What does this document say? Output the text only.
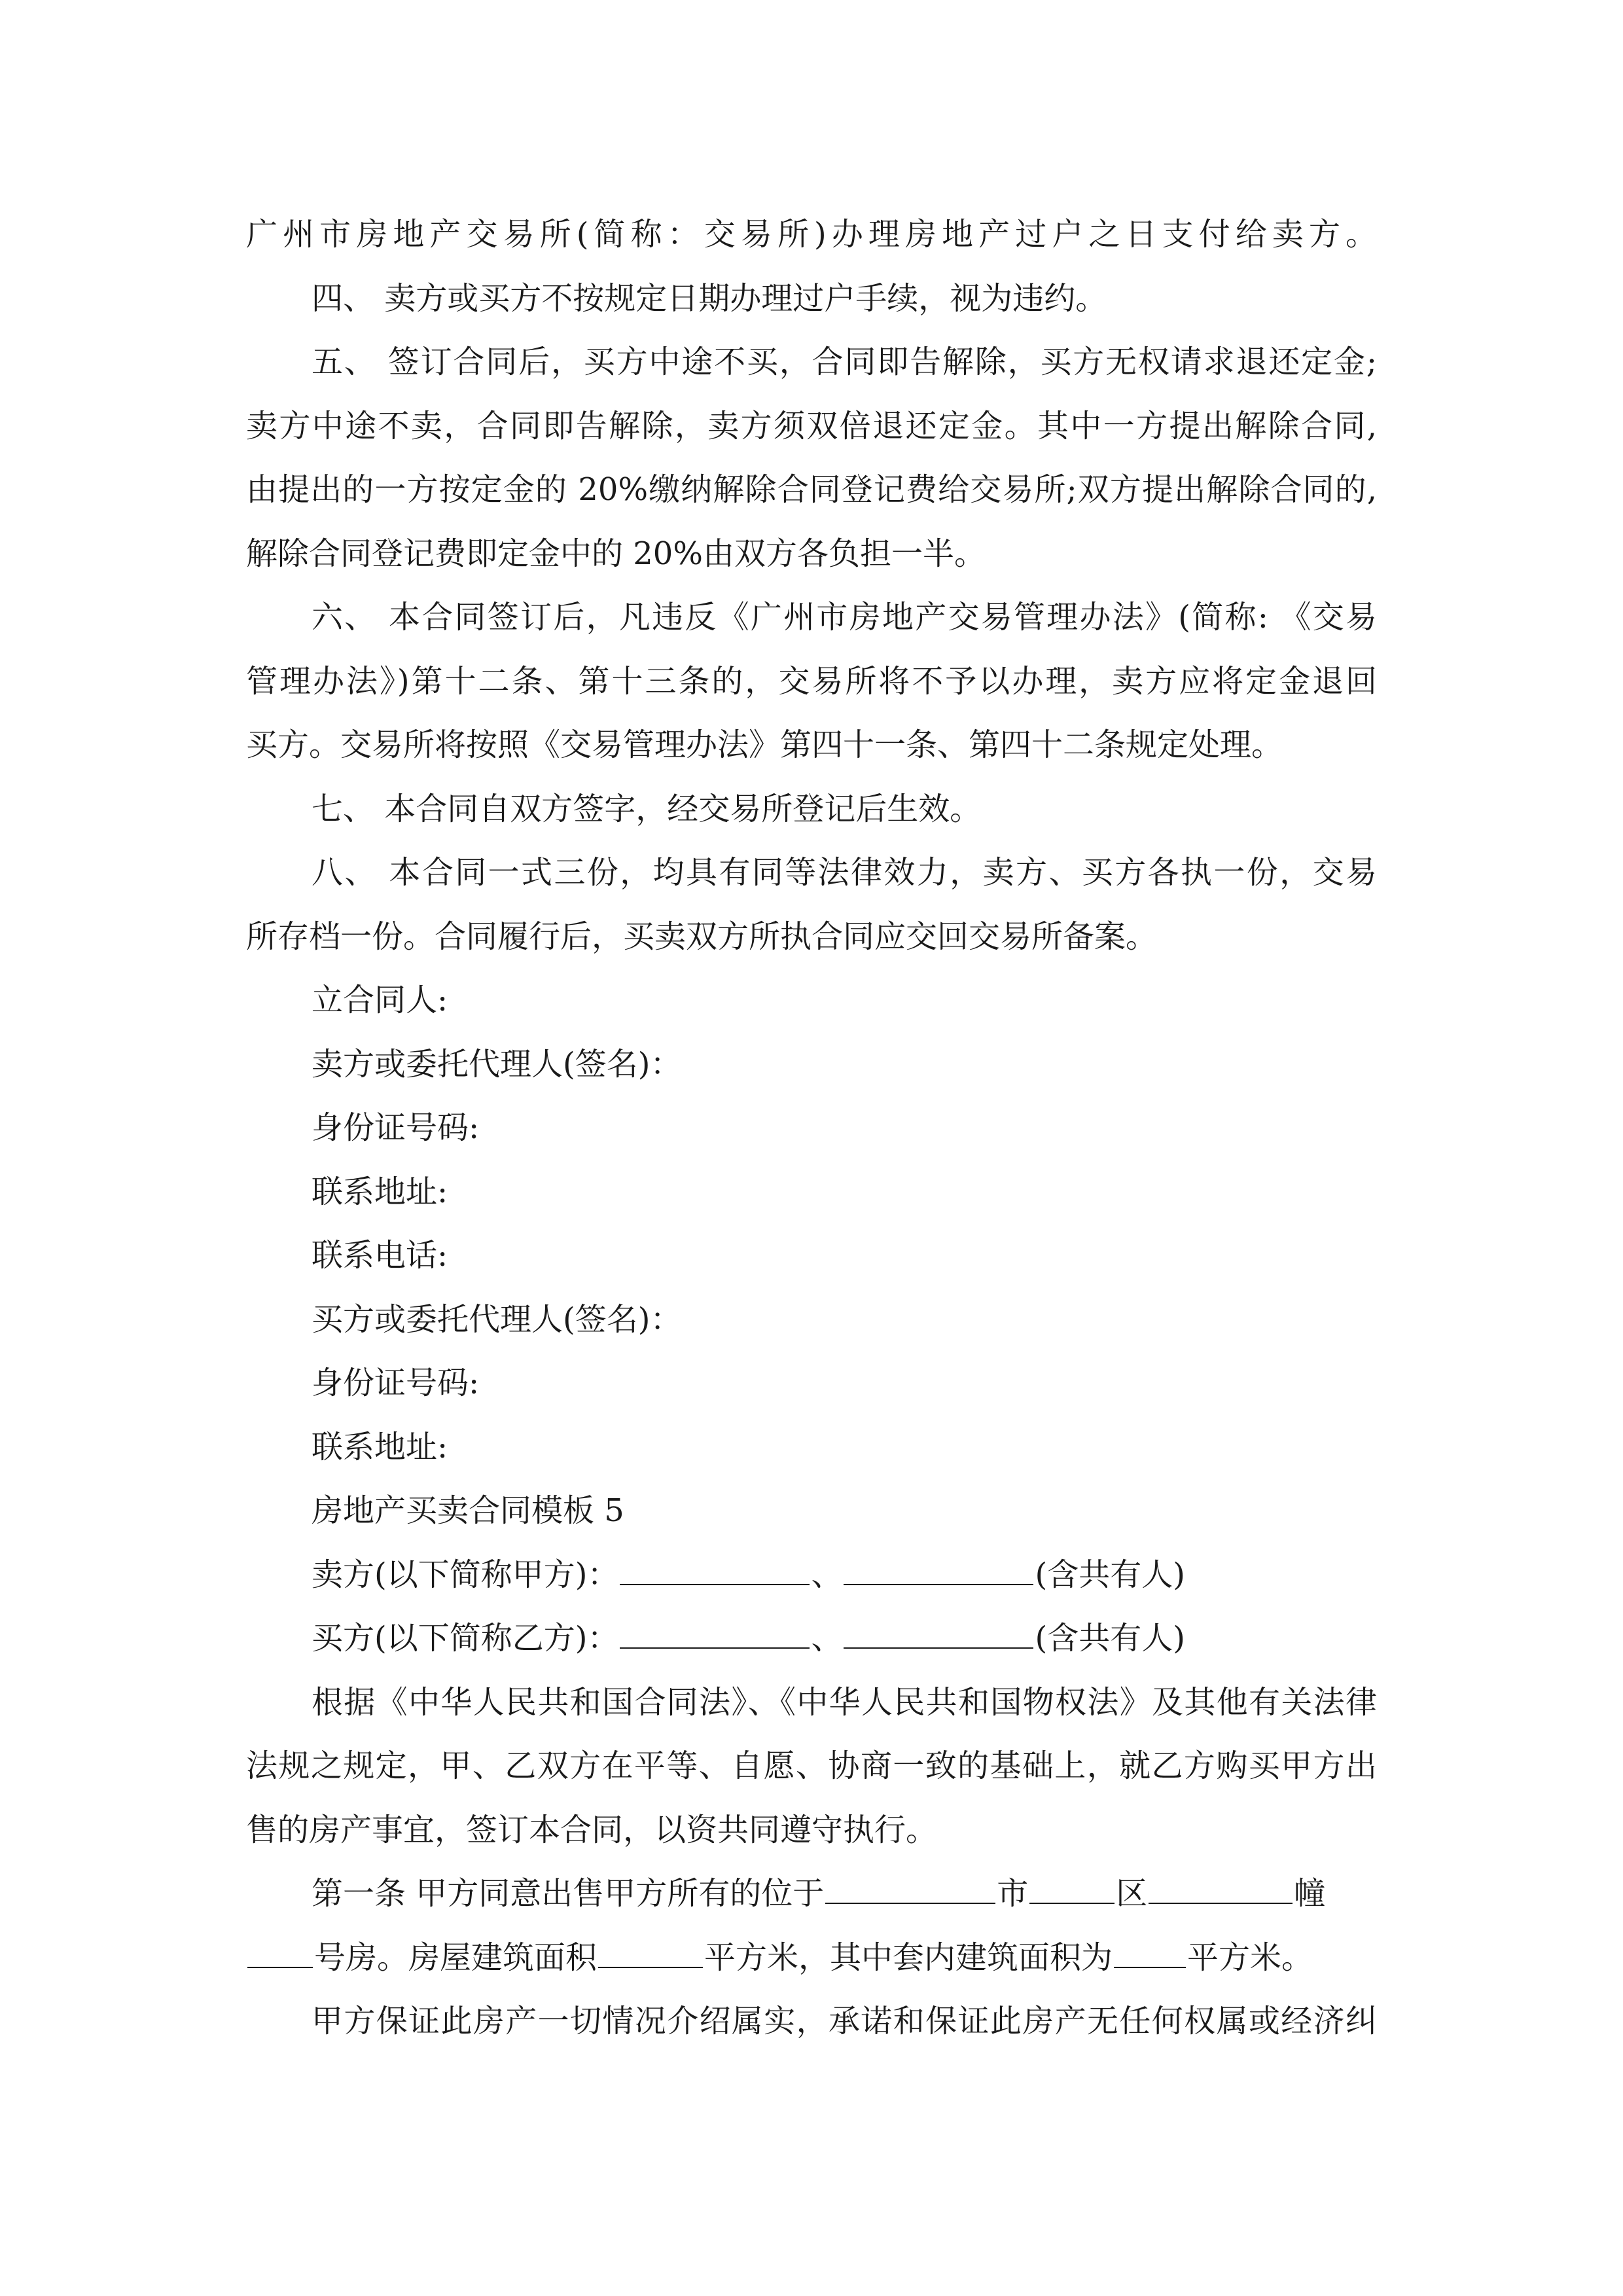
广州市房地产交易所(简称：交易所)办理房地产过户之日支付给卖方。
四、 卖方或买方不按规定日期办理过户手续，视为违约。
五、 签订合同后，买方中途不买，合同即告解除，买方无权请求退还定金;
卖方中途不卖，合同即告解除，卖方须双倍退还定金。其中一方提出解除合同,
由提出的一方按定金的 20%缴纳解除合同登记费给交易所;双方提出解除合同的,
解除合同登记费即定金中的 20%由双方各负担一半。
六、 本合同签订后，凡违反《广州市房地产交易管理办法》(简称: 《交易
管理办法》)第十二条、第十三条的，交易所将不予以办理，卖方应将定金退回
买方。交易所将按照《交易管理办法》第四十一条、第四十二条规定处理。
七、 本合同自双方签字，经交易所登记后生效。
八、 本合同一式三份，均具有同等法律效力，卖方、买方各执一份，交易
所存档一份。合同履行后，买卖双方所执合同应交回交易所备案。
立合同人:
卖方或委托代理人(签名)：
身份证号码:
联系地址:
联系电话:
买方或委托代理人(签名)：
身份证号码:
联系地址:
房地产买卖合同模板 5
卖方(以下简称甲方)：	、	(含共有人)
买方(以下简称乙方)：	、	(含共有人)
根据《中华人民共和国合同法》、《中华人民共和国物权法》及其他有关法律
法规之规定，甲、乙双方在平等、自愿、协商一致的基础上，就乙方购买甲方出
售的房产事宜，签订本合同，以资共同遵守执行。
第一条 甲方同意出售甲方所有的位于	市	区	幢
号房。房屋建筑面积	平方米，其中套内建筑面积为 平方米。
甲方保证此房产一切情况介绍属实，承诺和保证此房产无任何权属或经济纠
